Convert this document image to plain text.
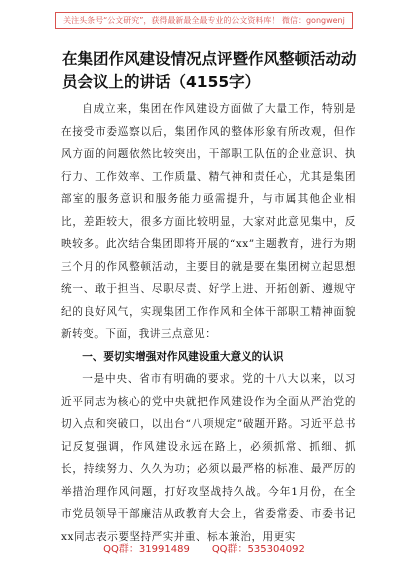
关注头条号“公文研究”，获得最新最全最专业的公文资料库！ 微信：gongwenj
在集团作风建设情况点评暨作风整顿活动动员会议上的讲话（4155字）

自成立来，集团在作风建设方面做了大量工作，特别是在接受市委巡察以后，集团作风的整体形象有所改观，但作风方面的问题依然比较突出，干部职工队伍的企业意识、执行力、工作效率、工作质量、精气神和责任心，尤其是集团部室的服务意识和服务能力亟需提升，与市属其他企业相比，差距较大，很多方面比较明显，大家对此意见集中，反映较多。此次结合集团即将开展的“xx”主题教育，进行为期三个月的作风整顿活动，主要目的就是要在集团树立起思想统一、敢于担当、尽职尽责、好学上进、开拓创新、遵规守纪的良好风气，实现集团工作作风和全体干部职工精神面貌新转变。下面，我讲三点意见：

一、要切实增强对作风建设重大意义的认识

一是中央、省市有明确的要求。党的十八大以来，以习近平同志为核心的党中央就把作风建设作为全面从严治党的切入点和突破口，以出台“八项规定”破题开路。习近平总书记反复强调，作风建设永远在路上，必须抓常、抓细、抓长，持续努力、久久为功；必须以最严格的标准、最严厉的举措治理作风问题，打好攻坚战持久战。今年1月份，在全市党员领导干部廉洁从政教育大会上，省委常委、市委书记xx同志表示要坚持严实并重、标本兼治，用更实

QQ群：31991489 QQ群：535304092
